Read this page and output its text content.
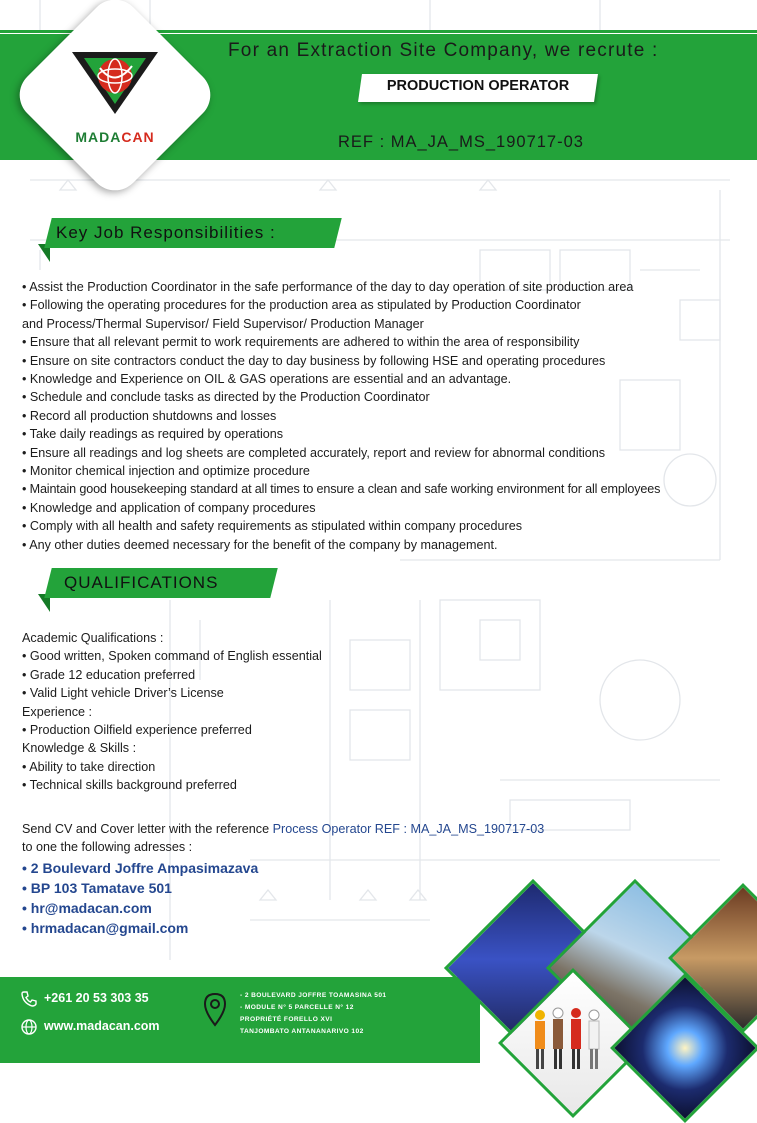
MADACAN
For an Extraction Site Company, we recrute :
PRODUCTION OPERATOR
REF : MA_JA_MS_190717-03
Key Job Responsibilities :

• Assist the Production Coordinator in the safe performance of the day to day operation of site production area

• Following the operating procedures for the production area as stipulated by Production Coordinator

and Process/Thermal Supervisor/ Field Supervisor/ Production Manager

• Ensure that all relevant permit to work requirements are adhered to within the area of responsibility

• Ensure on site contractors conduct the day to day business by following HSE and operating procedures

• Knowledge and Experience on OIL & GAS operations are essential and an advantage.

• Schedule and conclude tasks as directed by the Production Coordinator

• Record all production shutdowns and losses

• Take daily readings as required by operations

• Ensure all readings and log sheets are completed accurately, report and review for abnormal conditions

• Monitor chemical injection and optimize procedure

• Maintain good housekeeping standard at all times to ensure a clean and safe working environment for all employees

• Knowledge and application of company procedures

• Comply with all health and safety requirements as stipulated within company procedures

• Any other duties deemed necessary for the benefit of the company by management.

QUALIFICATIONS

Academic Qualifications :

• Good written, Spoken command of English essential

• Grade 12 education preferred

• Valid Light vehicle Driver’s License

Experience :

• Production Oilfield experience preferred

Knowledge & Skills :

• Ability to take direction

• Technical skills background preferred

Send CV and Cover letter with the reference Process Operator REF : MA_JA_MS_190717-03

to one the following adresses :

• 2 Boulevard Joffre Ampasimazava
• BP 103 Tamatave 501
• hr@madacan.com
• hrmadacan@gmail.com
+261 20 53 303 35
www.madacan.com
- 2 BOULEVARD JOFFRE TOAMASINA 501
- MODULE N° 5 PARCELLE N° 12
PROPRIÉTÉ FORELLO XVI
TANJOMBATO ANTANANARIVO 102
